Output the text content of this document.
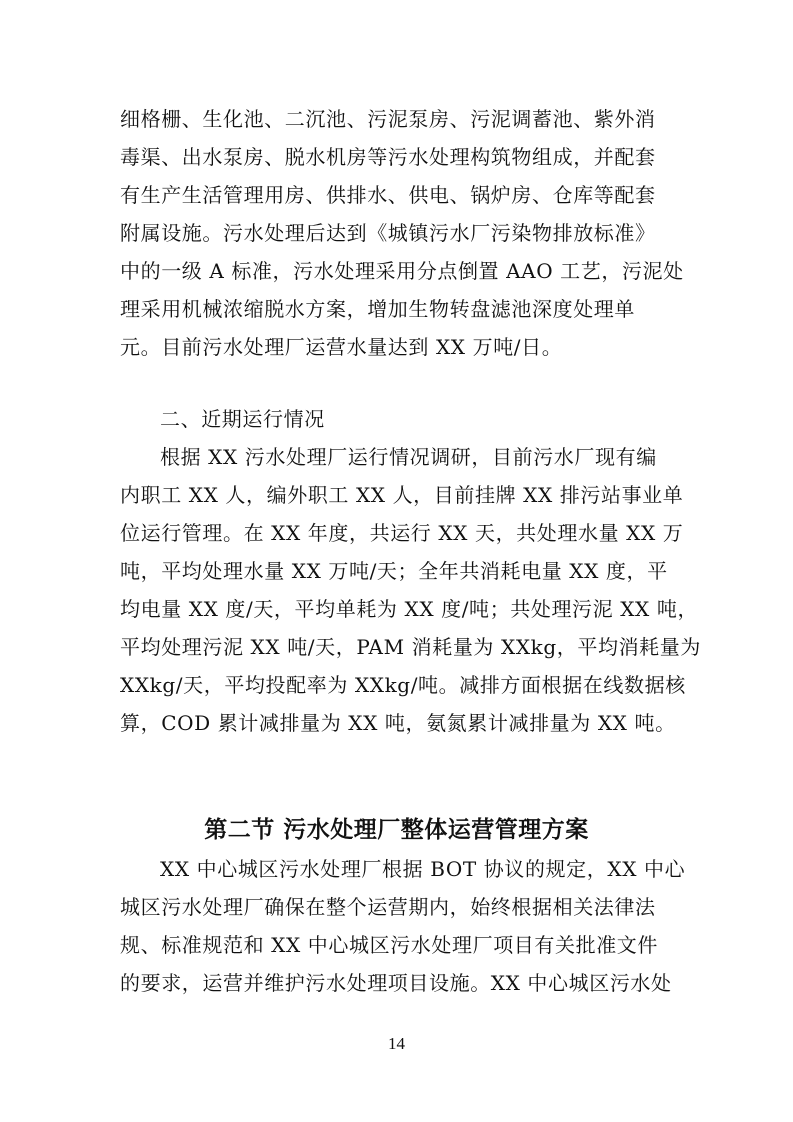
细格栅、生化池、二沉池、污泥泵房、污泥调蓄池、紫外消
毒渠、出水泵房、脱水机房等污水处理构筑物组成，并配套
有生产生活管理用房、供排水、供电、锅炉房、仓库等配套
附属设施。污水处理后达到《城镇污水厂污染物排放标准》
中的一级 A 标准，污水处理采用分点倒置 AAO 工艺，污泥处
理采用机械浓缩脱水方案，增加生物转盘滤池深度处理单
元。目前污水处理厂运营水量达到 XX 万吨/日。
二、近期运行情况
根据 XX 污水处理厂运行情况调研，目前污水厂现有编
内职工 XX 人，编外职工 XX 人，目前挂牌 XX 排污站事业单
位运行管理。在 XX 年度，共运行 XX 天，共处理水量 XX 万
吨，平均处理水量 XX 万吨/天；全年共消耗电量 XX 度，平
均电量 XX 度/天，平均单耗为 XX 度/吨；共处理污泥 XX 吨，
平均处理污泥 XX 吨/天，PAM 消耗量为 XXkg，平均消耗量为
XXkg/天，平均投配率为 XXkg/吨。减排方面根据在线数据核
算，COD 累计减排量为 XX 吨，氨氮累计减排量为 XX 吨。
第二节 污水处理厂整体运营管理方案
XX 中心城区污水处理厂根据 BOT 协议的规定，XX 中心
城区污水处理厂确保在整个运营期内，始终根据相关法律法
规、标准规范和 XX 中心城区污水处理厂项目有关批准文件
的要求，运营并维护污水处理项目设施。XX 中心城区污水处
14
